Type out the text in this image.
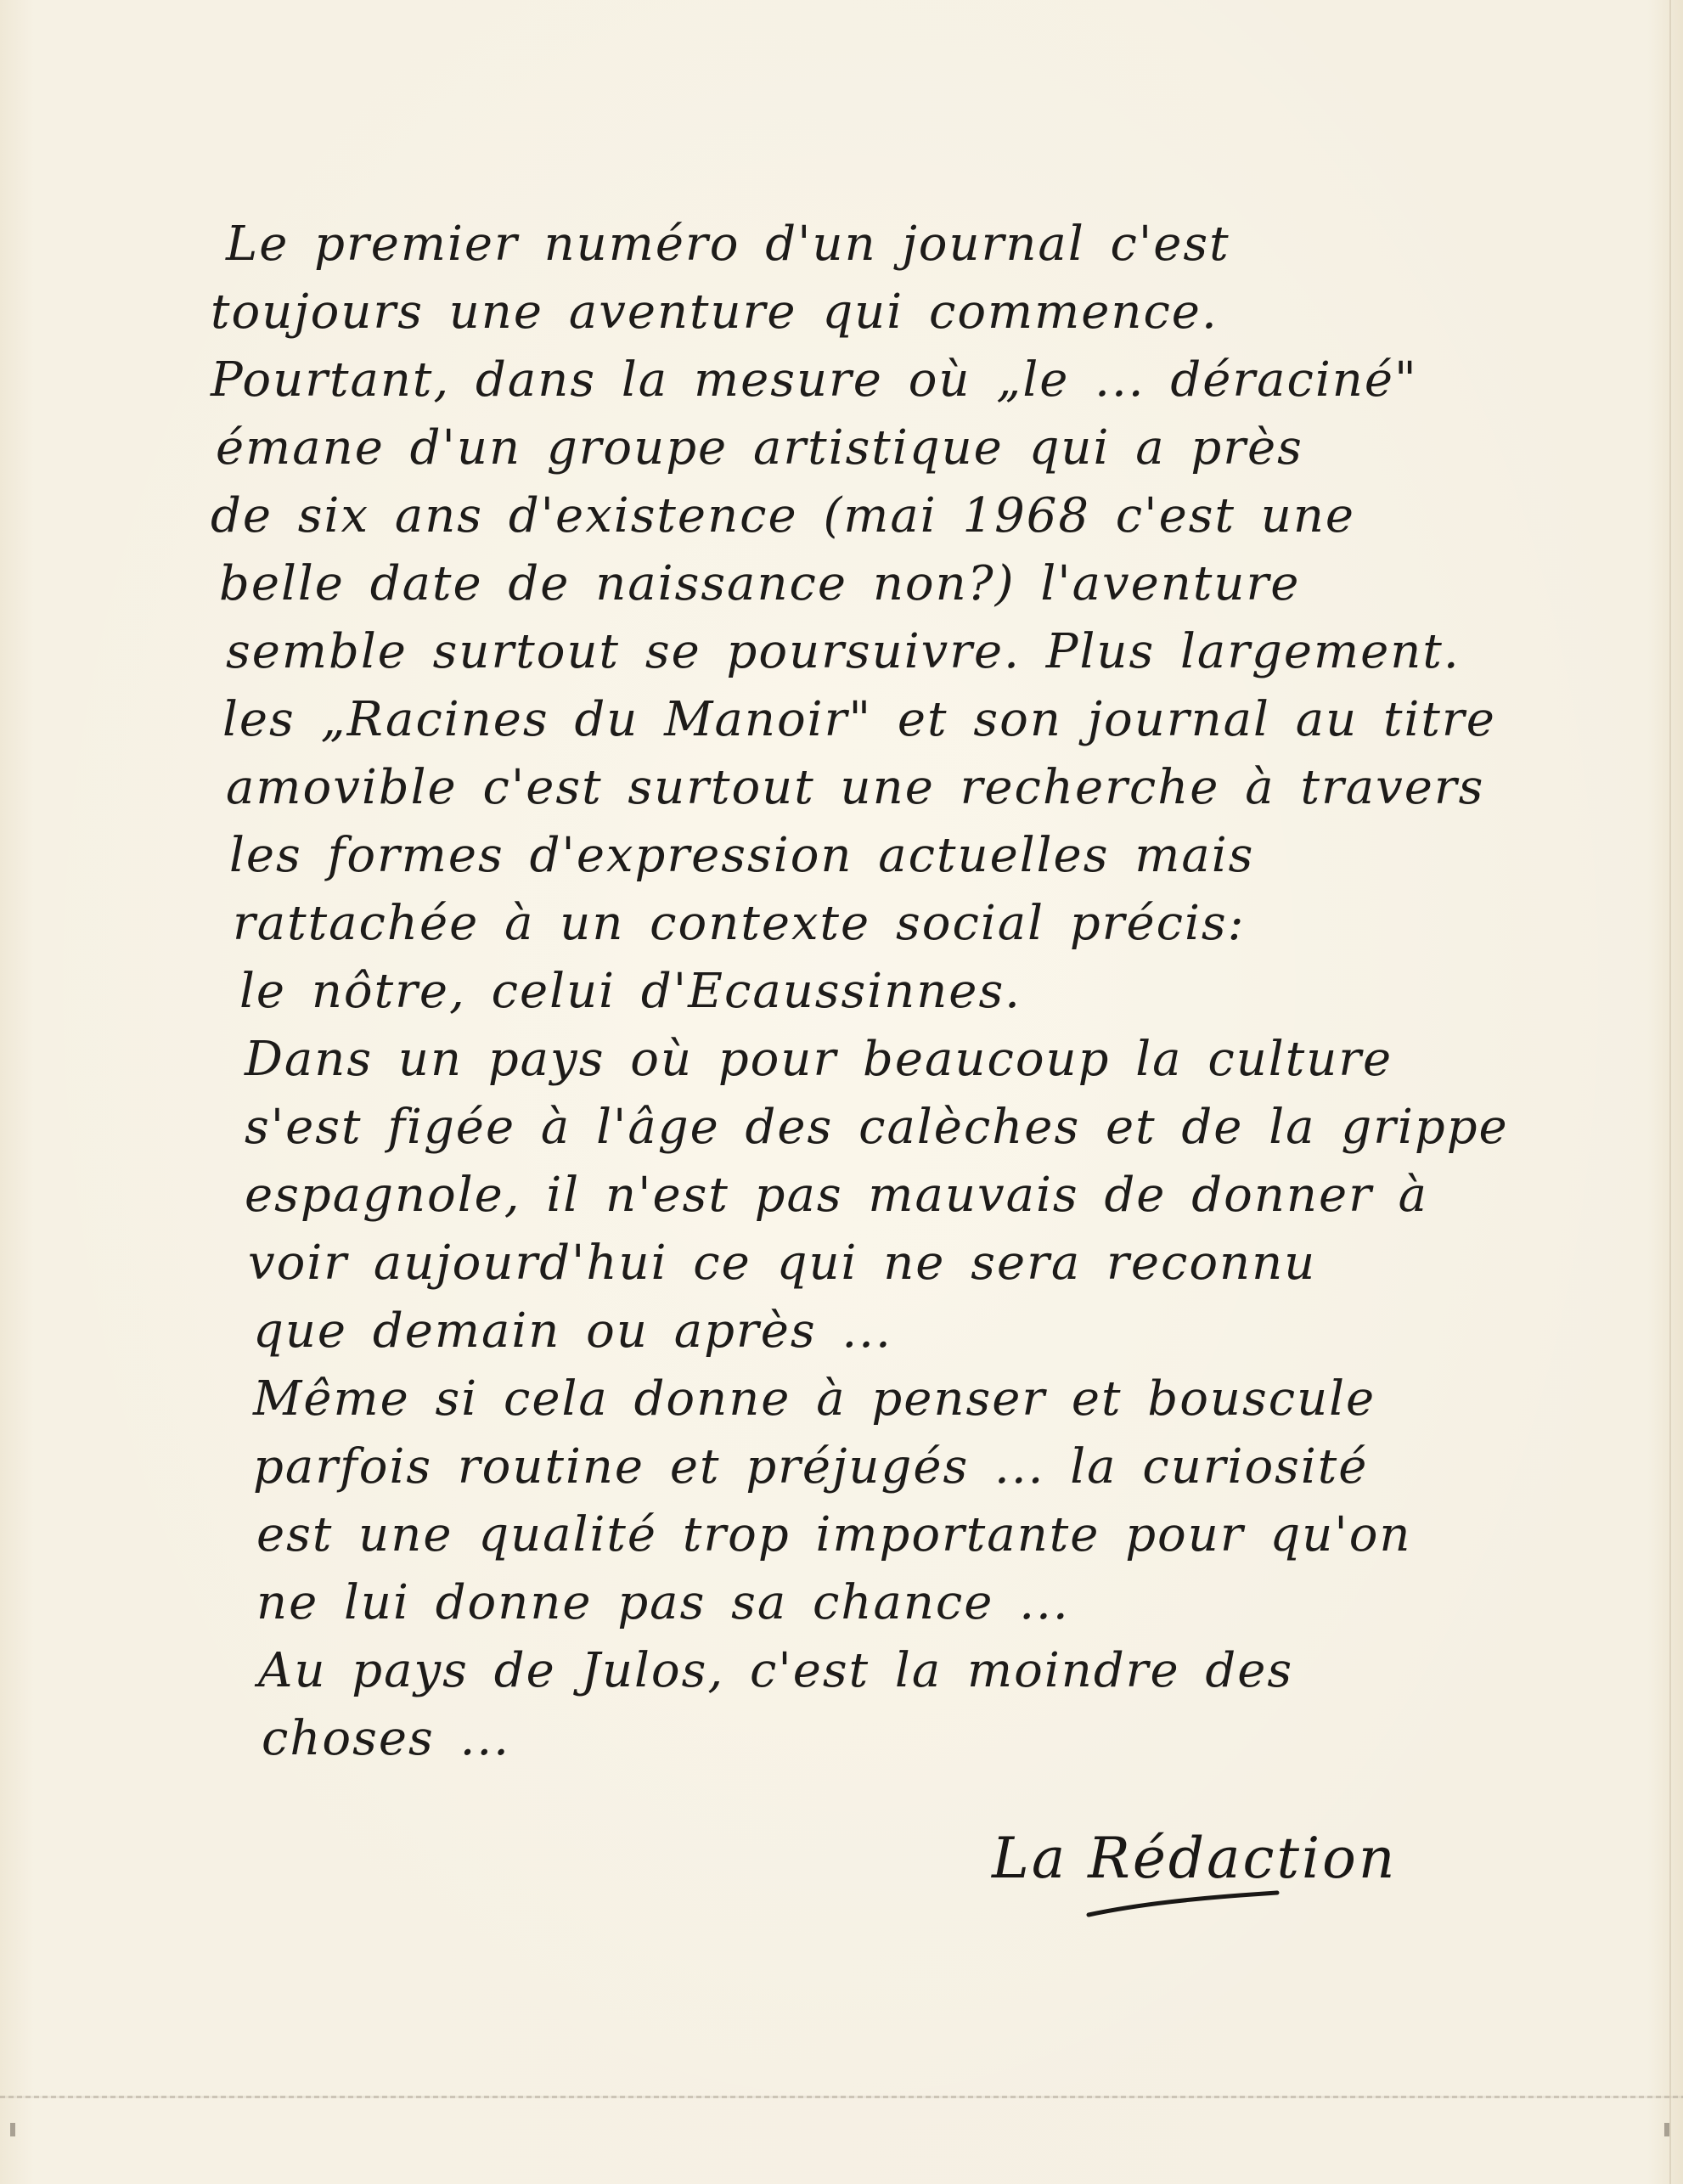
Le premier numéro d'un journal c'est
toujours une aventure qui commence.
Pourtant, dans la mesure où „le ... déraciné"
émane d'un groupe artistique qui a près
de six ans d'existence (mai 1968 c'est une
belle date de naissance non?) l'aventure
semble surtout se poursuivre. Plus largement.
les „Racines du Manoir" et son journal au titre
amovible c'est surtout une recherche à travers
les formes d'expression actuelles mais
rattachée à un contexte social précis:
le nôtre, celui d'Ecaussinnes.
Dans un pays où pour beaucoup la culture
s'est figée à l'âge des calèches et de la grippe
espagnole, il n'est pas mauvais de donner à
voir aujourd'hui ce qui ne sera reconnu
que demain ou après ...
Même si cela donne à penser et bouscule
parfois routine et préjugés ... la curiosité
est une qualité trop importante pour qu'on
ne lui donne pas sa chance ...
Au pays de Julos, c'est la moindre des
choses ...
La Rédaction
